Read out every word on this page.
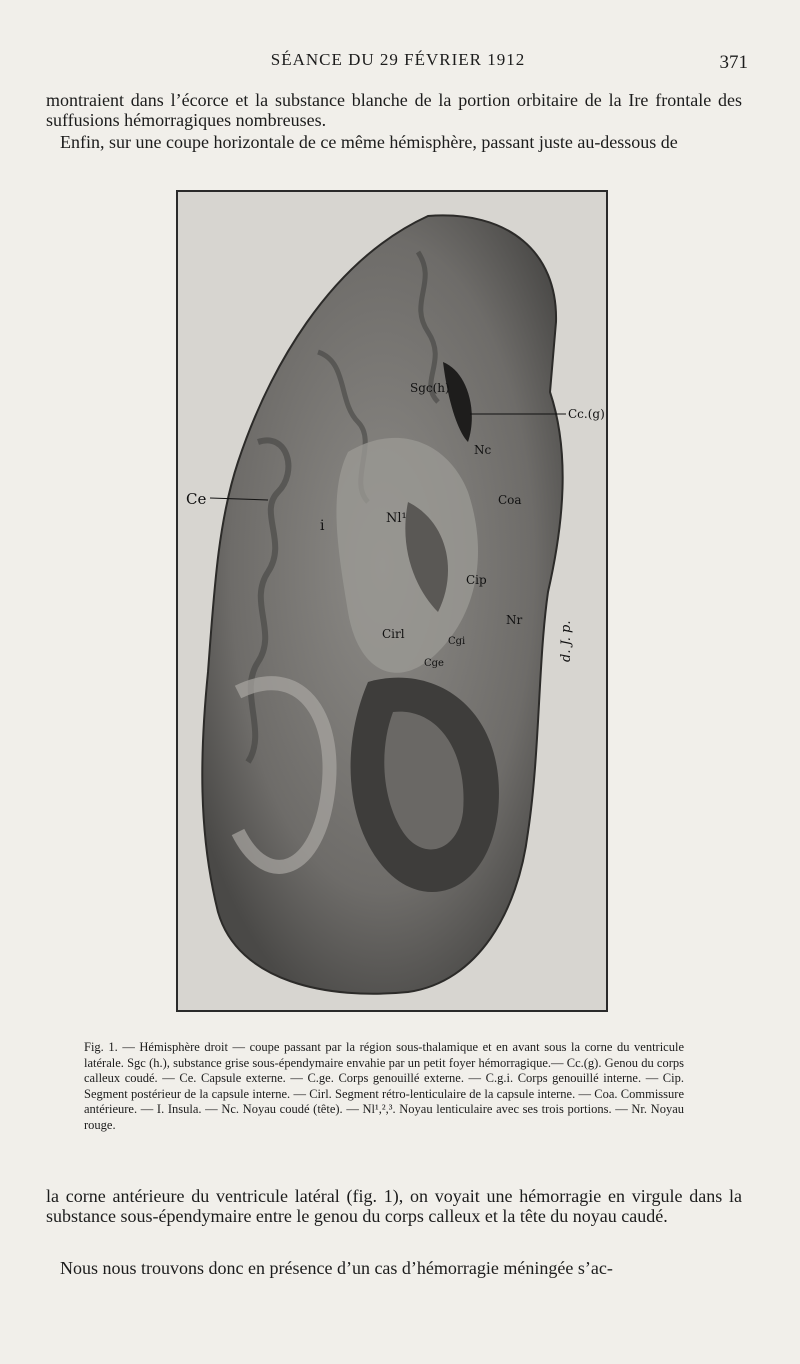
SÉANCE DU 29 FÉVRIER 1912	371
montraient dans l’écorce et la substance blanche de la portion orbitaire de la Ire frontale des suffusions hémorragiques nombreuses.
Enfin, sur une coupe horizontale de ce même hémisphère, passant juste au-dessous de
Ce
Sgc(h)
Cc.(g)
Nc
Coa
Nl¹
i
Cip
Nr
Cirl
Cgi
Cge
d. J. p.
Fig. 1. — Hémisphère droit — coupe passant par la région sous-thalamique et en avant sous la corne du ventricule latérale. Sgc (h.), substance grise sous-épendymaire envahie par un petit foyer hémorragique.— Cc.(g). Genou du corps calleux coudé. — Ce. Capsule externe. — C.ge. Corps genouillé externe. — C.g.i. Corps genouillé interne. — Cip. Segment postérieur de la capsule interne. — Cirl. Segment rétro-lenticulaire de la capsule interne. — Coa. Commissure antérieure. — I. Insula. — Nc. Noyau coudé (tête). — Nl¹,²,³. Noyau lenticulaire avec ses trois portions. — Nr. Noyau rouge.
la corne antérieure du ventricule latéral (fig. 1), on voyait une hémorragie en virgule dans la substance sous-épendymaire entre le genou du corps calleux et la tête du noyau caudé.
Nous nous trouvons donc en présence d’un cas d’hémorragie méningée s’ac-
